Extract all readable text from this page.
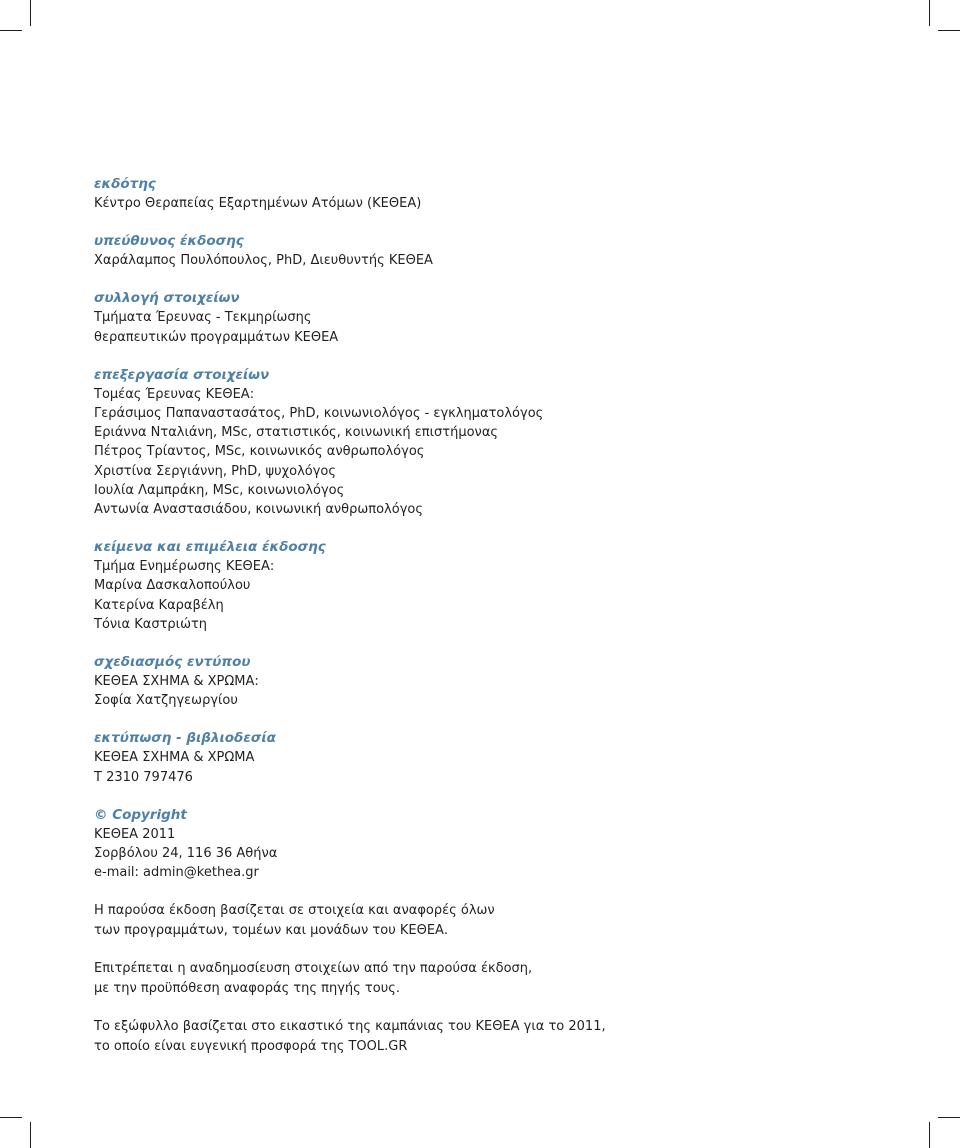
εκδότης
Κέντρο Θεραπείας Εξαρτημένων Ατόμων (ΚΕΘΕΑ)
υπεύθυνος έκδοσης
Χαράλαμπος Πουλόπουλος, PhD, Διευθυντής ΚΕΘΕΑ
συλλογή στοιχείων
Τμήματα Έρευνας - Τεκμηρίωσης
θεραπευτικών προγραμμάτων ΚΕΘΕΑ
επεξεργασία στοιχείων
Τομέας Έρευνας ΚΕΘΕΑ:
Γεράσιμος Παπαναστασάτος, PhD, κοινωνιολόγος - εγκληματολόγος
Εριάννα Νταλιάνη, MSc, στατιστικός, κοινωνική επιστήμονας
Πέτρος Τρίαντος, MSc, κοινωνικός ανθρωπολόγος
Χριστίνα Σεργιάννη, PhD, ψυχολόγος
Ιουλία Λαμπράκη, MSc, κοινωνιολόγος
Αντωνία Αναστασιάδου, κοινωνική ανθρωπολόγος
κείμενα και επιμέλεια έκδοσης
Τμήμα Ενημέρωσης ΚΕΘΕΑ:
Μαρίνα Δασκαλοπούλου
Κατερίνα Καραβέλη
Τόνια Καστριώτη
σχεδιασμός εντύπου
ΚΕΘΕΑ ΣΧΗΜΑ & ΧΡΩΜΑ:
Σοφία Χατζηγεωργίου
εκτύπωση - βιβλιοδεσία
ΚΕΘΕΑ ΣΧΗΜΑ & ΧΡΩΜΑ
T 2310 797476
© Copyright
ΚΕΘΕΑ 2011
Σορβόλου 24, 116 36 Αθήνα
e-mail: admin@kethea.gr
Η παρούσα έκδοση βασίζεται σε στοιχεία και αναφορές όλων
των προγραμμάτων, τομέων και μονάδων του ΚΕΘΕΑ.
Επιτρέπεται η αναδημοσίευση στοιχείων από την παρούσα έκδοση,
με την προϋπόθεση αναφοράς της πηγής τους.
Το εξώφυλλο βασίζεται στο εικαστικό της καμπάνιας του ΚΕΘΕΑ για το 2011,
το οποίο είναι ευγενική προσφορά της TOOL.GR
